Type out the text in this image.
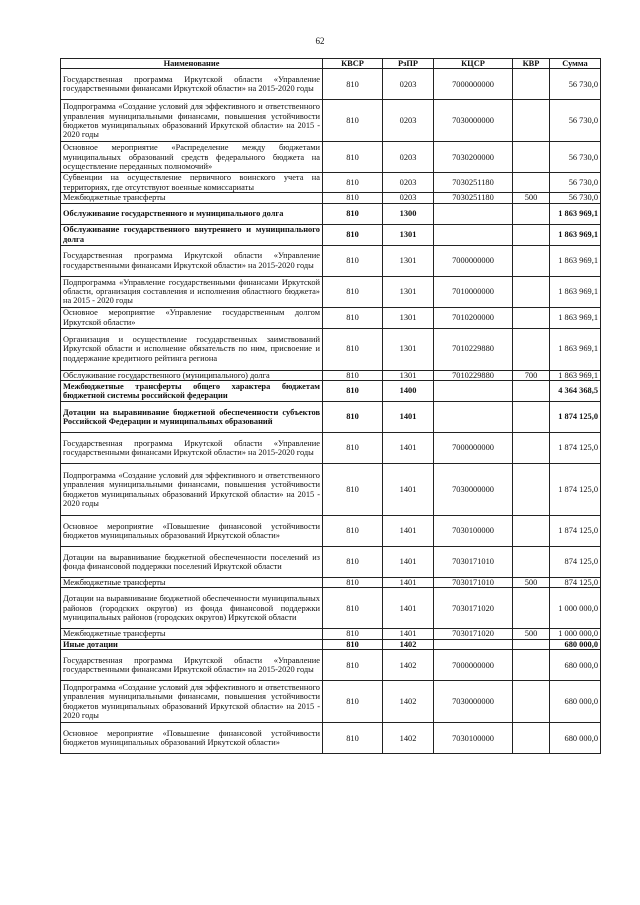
62
Наименование	КВСР	РзПР	КЦСР	КВР	Сумма
Государственная программа Иркутской области «Управление государственными финансами Иркутской области» на 2015-2020 годы	810	0203	7000000000		56 730,0
Подпрограмма «Создание условий для эффективного и ответственного управления муниципальными финансами, повышения устойчивости бюджетов муниципальных образований Иркутской области» на 2015 - 2020 годы	810	0203	7030000000		56 730,0
Основное мероприятие «Распределение между бюджетами муниципальных образований средств федерального бюджета на осуществление переданных полномочий»	810	0203	7030200000		56 730,0
Субвенции на осуществление первичного воинского учета на территориях, где отсутствуют военные комиссариаты	810	0203	7030251180		56 730,0
Межбюджетные трансферты	810	0203	7030251180	500	56 730,0
Обслуживание государственного и муниципального долга	810	1300			1 863 969,1
Обслуживание государственного внутреннего и муниципального долга	810	1301			1 863 969,1
Государственная программа Иркутской области «Управление государственными финансами Иркутской области» на 2015-2020 годы	810	1301	7000000000		1 863 969,1
Подпрограмма «Управление государственными финансами Иркутской области, организация составления и исполнения областного бюджета» на 2015 - 2020 годы	810	1301	7010000000		1 863 969,1
Основное мероприятие «Управление государственным долгом Иркутской области»	810	1301	7010200000		1 863 969,1
Организация и осуществление государственных заимствований Иркутской области и исполнение обязательств по ним, присвоение и поддержание кредитного рейтинга региона	810	1301	7010229880		1 863 969,1
Обслуживание государственного (муниципального) долга	810	1301	7010229880	700	1 863 969,1
Межбюджетные трансферты общего характера бюджетам бюджетной системы российской федерации	810	1400			4 364 368,5
Дотации на выравнивание бюджетной обеспеченности субъектов Российской Федерации и муниципальных образований	810	1401			1 874 125,0
Государственная программа Иркутской области «Управление государственными финансами Иркутской области» на 2015-2020 годы	810	1401	7000000000		1 874 125,0
Подпрограмма «Создание условий для эффективного и ответственного управления муниципальными финансами, повышения устойчивости бюджетов муниципальных образований Иркутской области» на 2015 - 2020 годы	810	1401	7030000000		1 874 125,0
Основное мероприятие «Повышение финансовой устойчивости бюджетов муниципальных образований Иркутской области»	810	1401	7030100000		1 874 125,0
Дотации на выравнивание бюджетной обеспеченности поселений из фонда финансовой поддержки поселений Иркутской области	810	1401	7030171010		874 125,0
Межбюджетные трансферты	810	1401	7030171010	500	874 125,0
Дотации на выравнивание бюджетной обеспеченности муниципальных районов (городских округов) из фонда финансовой поддержки муниципальных районов (городских округов) Иркутской области	810	1401	7030171020		1 000 000,0
Межбюджетные трансферты	810	1401	7030171020	500	1 000 000,0
Иные дотации	810	1402			680 000,0
Государственная программа Иркутской области «Управление государственными финансами Иркутской области» на 2015-2020 годы	810	1402	7000000000		680 000,0
Подпрограмма «Создание условий для эффективного и ответственного управления муниципальными финансами, повышения устойчивости бюджетов муниципальных образований Иркутской области» на 2015 - 2020 годы	810	1402	7030000000		680 000,0
Основное мероприятие «Повышение финансовой устойчивости бюджетов муниципальных образований Иркутской области»	810	1402	7030100000		680 000,0
